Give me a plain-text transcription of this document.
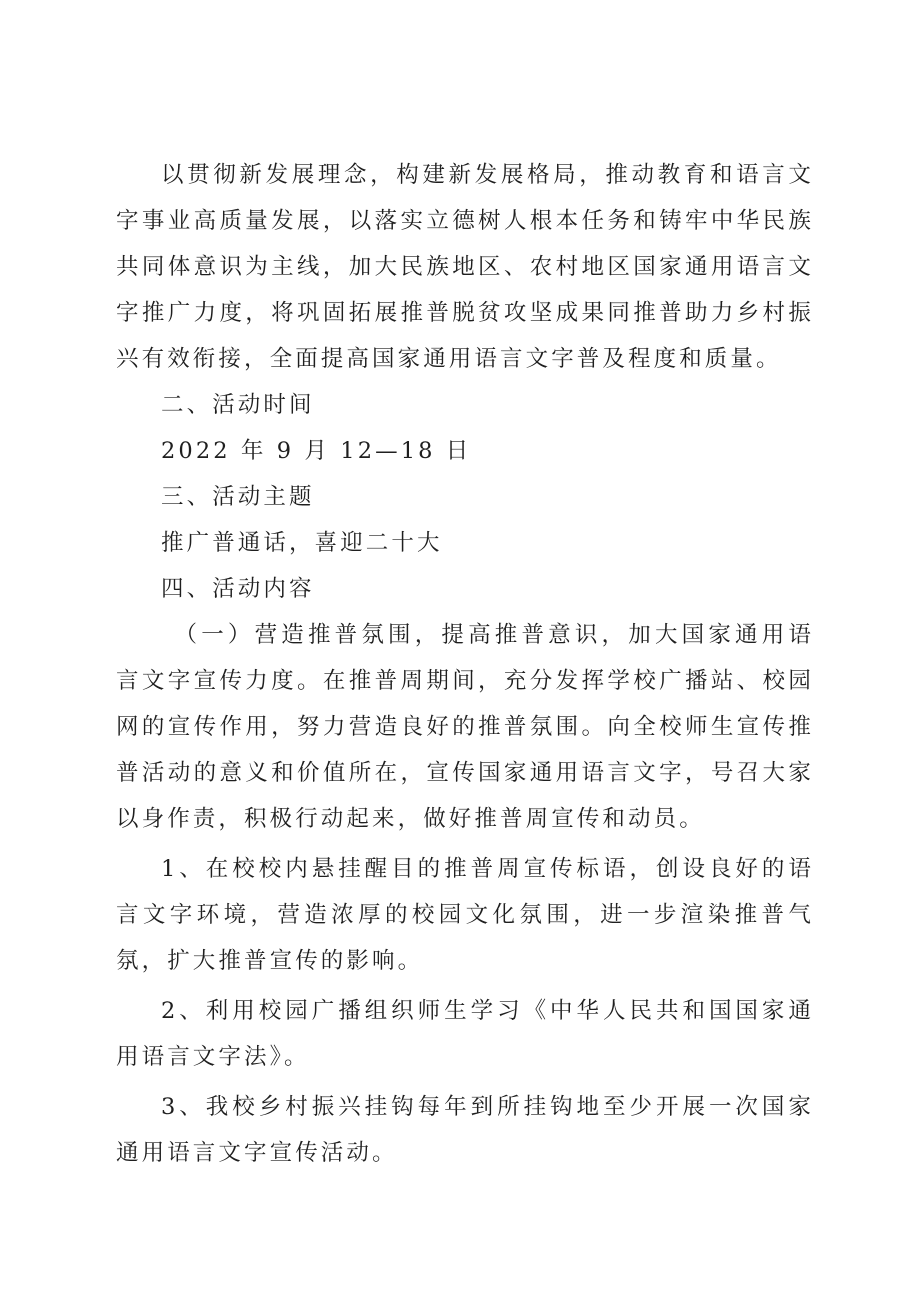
以贯彻新发展理念，构建新发展格局，推动教育和语言文字事业高质量发展，以落实立德树人根本任务和铸牢中华民族共同体意识为主线，加大民族地区、农村地区国家通用语言文字推广力度，将巩固拓展推普脱贫攻坚成果同推普助力乡村振兴有效衔接，全面提高国家通用语言文字普及程度和质量。

二、活动时间

2022 年 9 月 12—18 日

三、活动主题

推广普通话，喜迎二十大

四、活动内容

（一）营造推普氛围，提高推普意识，加大国家通用语言文字宣传力度。在推普周期间，充分发挥学校广播站、校园网的宣传作用，努力营造良好的推普氛围。向全校师生宣传推普活动的意义和价值所在，宣传国家通用语言文字，号召大家以身作责，积极行动起来，做好推普周宣传和动员。

1、在校校内悬挂醒目的推普周宣传标语，创设良好的语言文字环境，营造浓厚的校园文化氛围，进一步渲染推普气氛，扩大推普宣传的影响。

2、利用校园广播组织师生学习《中华人民共和国国家通用语言文字法》。

3、我校乡村振兴挂钩每年到所挂钩地至少开展一次国家通用语言文字宣传活动。
